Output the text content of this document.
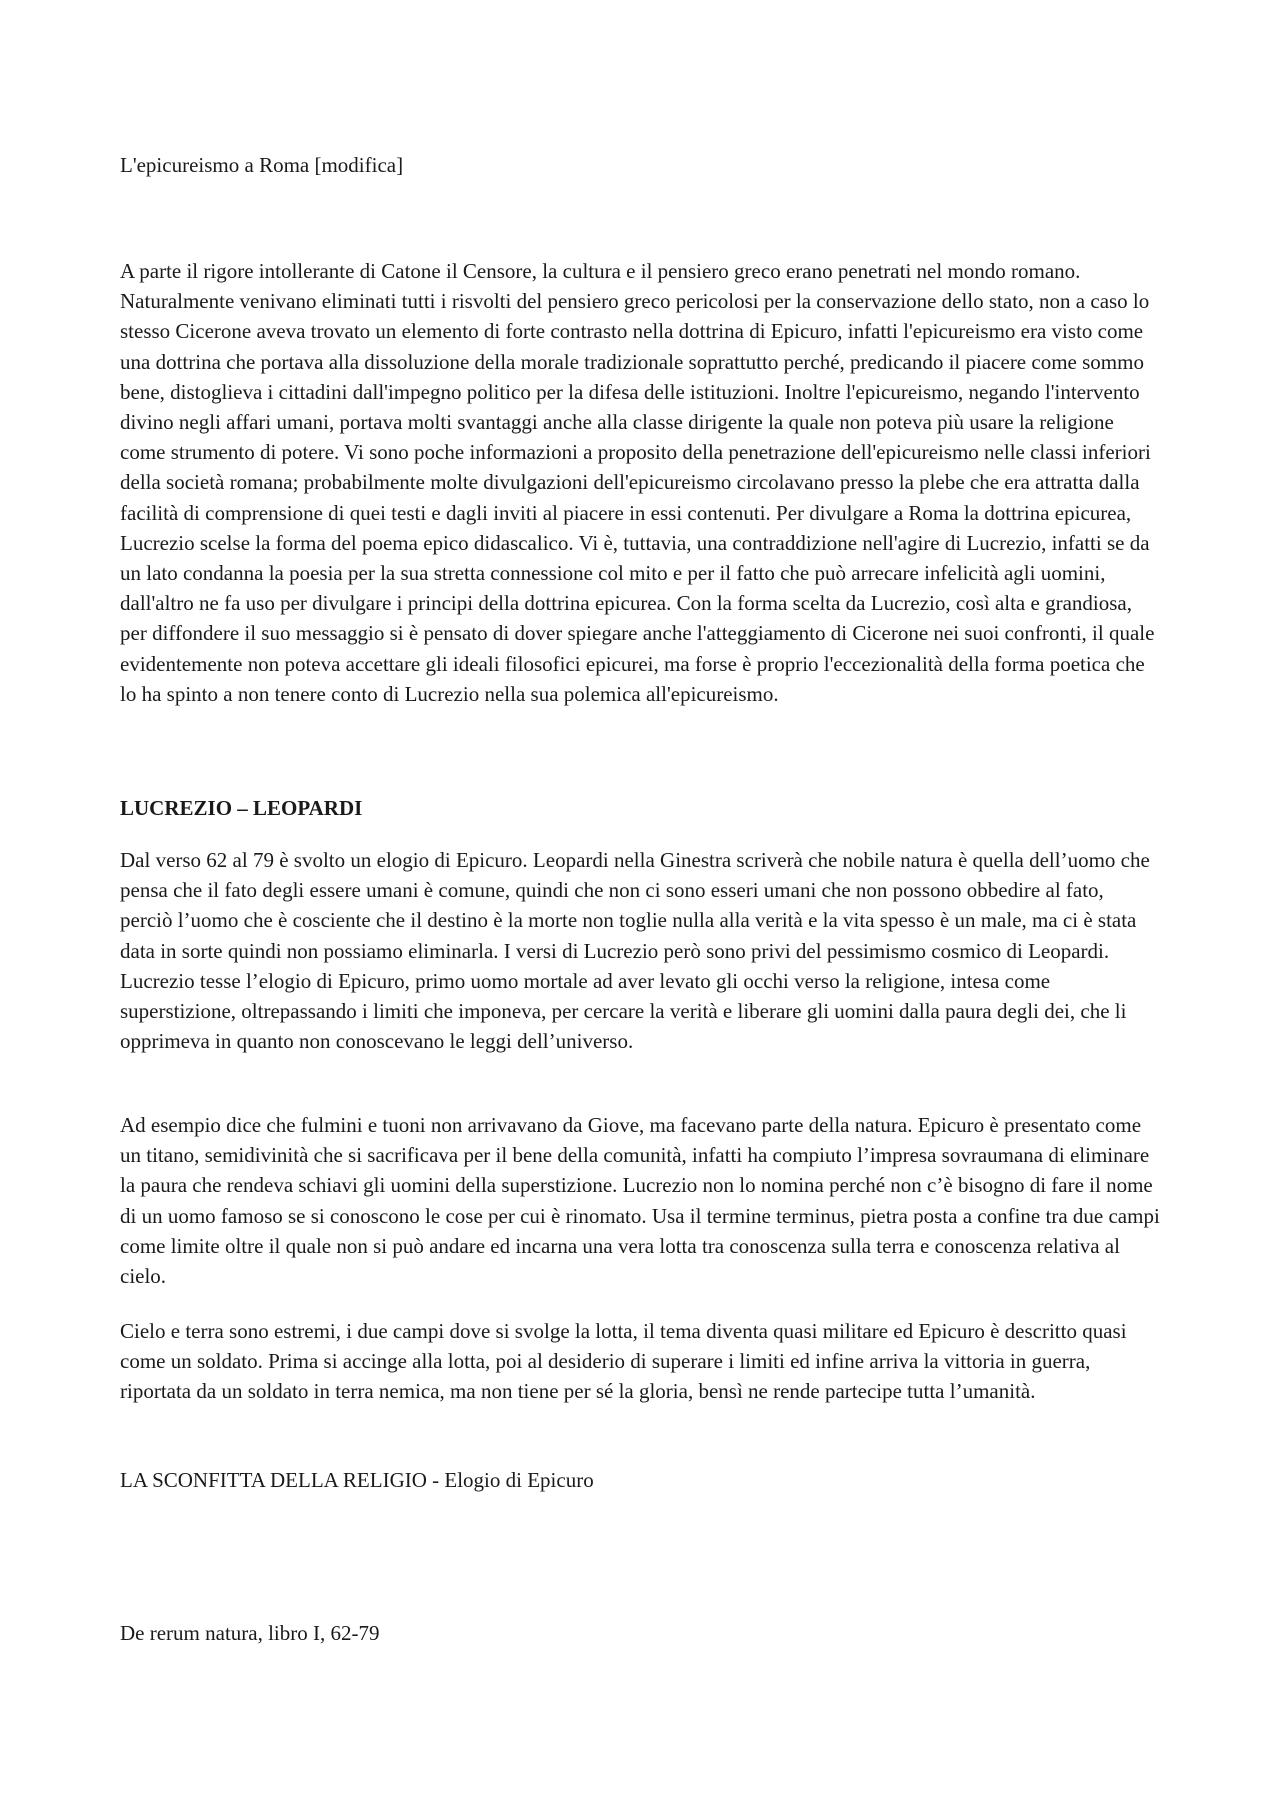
L'epicureismo a Roma [modifica]

A parte il rigore intollerante di Catone il Censore, la cultura e il pensiero greco erano penetrati nel mondo romano. Naturalmente venivano eliminati tutti i risvolti del pensiero greco pericolosi per la conservazione dello stato, non a caso lo stesso Cicerone aveva trovato un elemento di forte contrasto nella dottrina di Epicuro, infatti l'epicureismo era visto come una dottrina che portava alla dissoluzione della morale tradizionale soprattutto perché, predicando il piacere come sommo bene, distoglieva i cittadini dall'impegno politico per la difesa delle istituzioni. Inoltre l'epicureismo, negando l'intervento divino negli affari umani, portava molti svantaggi anche alla classe dirigente la quale non poteva più usare la religione come strumento di potere. Vi sono poche informazioni a proposito della penetrazione dell'epicureismo nelle classi inferiori della società romana; probabilmente molte divulgazioni dell'epicureismo circolavano presso la plebe che era attratta dalla facilità di comprensione di quei testi e dagli inviti al piacere in essi contenuti. Per divulgare a Roma la dottrina epicurea, Lucrezio scelse la forma del poema epico didascalico. Vi è, tuttavia, una contraddizione nell'agire di Lucrezio, infatti se da un lato condanna la poesia per la sua stretta connessione col mito e per il fatto che può arrecare infelicità agli uomini, dall'altro ne fa uso per divulgare i principi della dottrina epicurea. Con la forma scelta da Lucrezio, così alta e grandiosa, per diffondere il suo messaggio si è pensato di dover spiegare anche l'atteggiamento di Cicerone nei suoi confronti, il quale evidentemente non poteva accettare gli ideali filosofici epicurei, ma forse è proprio l'eccezionalità della forma poetica che lo ha spinto a non tenere conto di Lucrezio nella sua polemica all'epicureismo.

LUCREZIO – LEOPARDI

Dal verso 62 al 79 è svolto un elogio di Epicuro. Leopardi nella Ginestra scriverà che nobile natura è quella dell’uomo che pensa che il fato degli essere umani è comune, quindi che non ci sono esseri umani che non possono obbedire al fato, perciò l’uomo che è cosciente che il destino è la morte non toglie nulla alla verità e la vita spesso è un male, ma ci è stata data in sorte quindi non possiamo eliminarla. I versi di Lucrezio però sono privi del pessimismo cosmico di Leopardi. Lucrezio tesse l’elogio di Epicuro, primo uomo mortale ad aver levato gli occhi verso la religione, intesa come superstizione, oltrepassando i limiti che imponeva, per cercare la verità e liberare gli uomini dalla paura degli dei, che li opprimeva in quanto non conoscevano le leggi dell’universo.

Ad esempio dice che fulmini e tuoni non arrivavano da Giove, ma facevano parte della natura. Epicuro è presentato come un titano, semidivinità che si sacrificava per il bene della comunità, infatti ha compiuto l’impresa sovraumana di eliminare la paura che rendeva schiavi gli uomini della superstizione. Lucrezio non lo nomina perché non c’è bisogno di fare il nome di un uomo famoso se si conoscono le cose per cui è rinomato. Usa il termine terminus, pietra posta a confine tra due campi come limite oltre il quale non si può andare ed incarna una vera lotta tra conoscenza sulla terra e conoscenza relativa al cielo.

Cielo e terra sono estremi, i due campi dove si svolge la lotta, il tema diventa quasi militare ed Epicuro è descritto quasi come un soldato. Prima si accinge alla lotta, poi al desiderio di superare i limiti ed infine arriva la vittoria in guerra, riportata da un soldato in terra nemica, ma non tiene per sé la gloria, bensì ne rende partecipe tutta l’umanità.

LA SCONFITTA DELLA RELIGIO - Elogio di Epicuro

De rerum natura, libro I, 62-79
